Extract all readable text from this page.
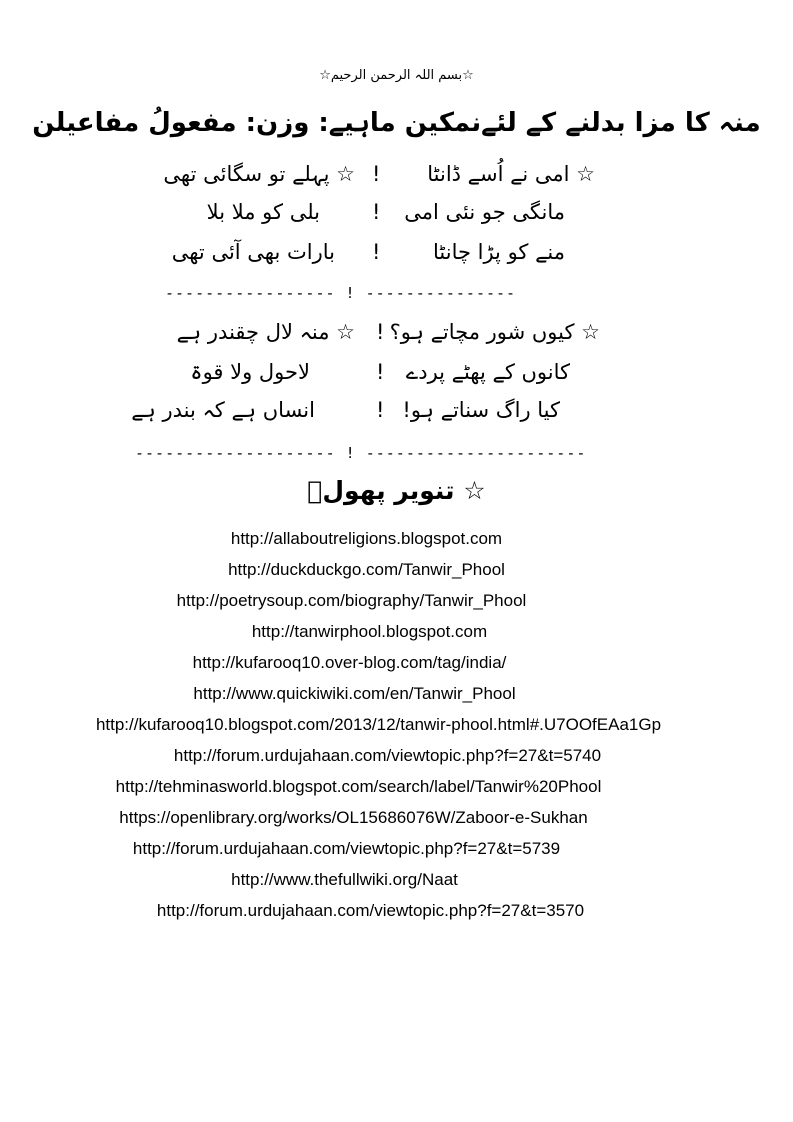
☆بسم اللہ الرحمن الرحیم☆
منہ کا مزا بدلنے کے لئےنمکین ماہیے: وزن: مفعولُ مفاعیلن
☆ امی نے اُسے ڈانٹا
!
☆ پہلے تو سگائی تھی
مانگی جو نئی امی
!
بلی کو ملا بلا
منے کو پڑا چانٹا
!
بارات بھی آئی تھی
----------------- ! ---------------
☆ کیوں شور مچاتے ہو؟
!
☆ منہ لال چقندر ہے
کانوں کے پھٹے پردے
!
لاحول ولا قوۃ
کیا راگ سناتے ہو!
!
انساں ہے کہ بندر ہے
-------------------- ! ----------------------
☆ تنویر پھولؔ
http://allaboutreligions.blogspot.com
http://duckduckgo.com/Tanwir_Phool
http://poetrysoup.com/biography/Tanwir_Phool
http://tanwirphool.blogspot.com
http://kufarooq10.over-blog.com/tag/india/
http://www.quickiwiki.com/en/Tanwir_Phool
http://kufarooq10.blogspot.com/2013/12/tanwir-phool.html#.U7OOfEAa1Gp
http://forum.urdujahaan.com/viewtopic.php?f=27&t=5740
http://tehminasworld.blogspot.com/search/label/Tanwir%20Phool
https://openlibrary.org/works/OL15686076W/Zaboor-e-Sukhan
http://forum.urdujahaan.com/viewtopic.php?f=27&t=5739
http://www.thefullwiki.org/Naat
http://forum.urdujahaan.com/viewtopic.php?f=27&t=3570
